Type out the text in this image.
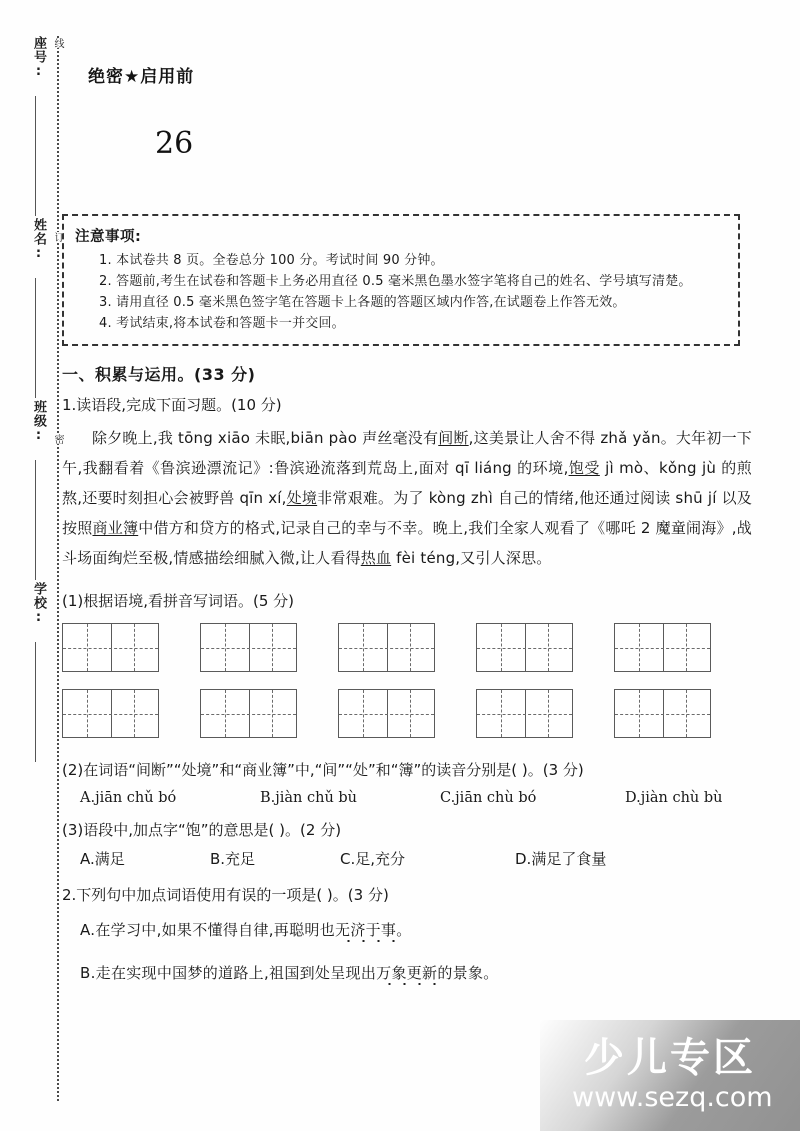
座号:
姓名:
班级:
学校:
线
订
密
绝密★启用前
26
注意事项:
1. 本试卷共 8 页。全卷总分 100 分。考试时间 90 分钟。
2. 答题前,考生在试卷和答题卡上务必用直径 0.5 毫米黑色墨水签字笔将自己的姓名、学号填写清楚。
3. 请用直径 0.5 毫米黑色签字笔在答题卡上各题的答题区域内作答,在试题卷上作答无效。
4. 考试结束,将本试卷和答题卡一并交回。
一、积累与运用。(33 分)
1.读语段,完成下面习题。(10 分)
除夕晚上,我 tōng xiāo 未眠,biān pào 声丝毫没有间断,这美景让人舍不得 zhǎ yǎn。大年初一下午,我翻看着《鲁滨逊漂流记》:鲁滨逊流落到荒岛上,面对 qī liáng 的环境,饱受 jì mò、kǒng jù 的煎熬,还要时刻担心会被野兽 qīn xí,处境非常艰难。为了 kòng zhì 自己的情绪,他还通过阅读 shū jí 以及按照商业簿中借方和贷方的格式,记录自己的幸与不幸。晚上,我们全家人观看了《哪吒 2 魔童闹海》,战斗场面绚烂至极,情感描绘细腻入微,让人看得热血 fèi téng,又引人深思。
(1)根据语境,看拼音写词语。(5 分)
(2)在词语“间断”“处境”和“商业簿”中,“间”“处”和“簿”的读音分别是( )。(3 分)
A.jiān chǔ bó	B.jiàn chǔ bù	C.jiān chù bó	D.jiàn chù bù
(3)语段中,加点字“饱”的意思是( )。(2 分)
A.满足	B.充足	C.足,充分	D.满足了食量
2.下列句中加点词语使用有误的一项是( )。(3 分)
A.在学习中,如果不懂得自律,再聪明也无济于事。
B.走在实现中国梦的道路上,祖国到处呈现出万象更新的景象。
少儿专区
www.sezq.com
